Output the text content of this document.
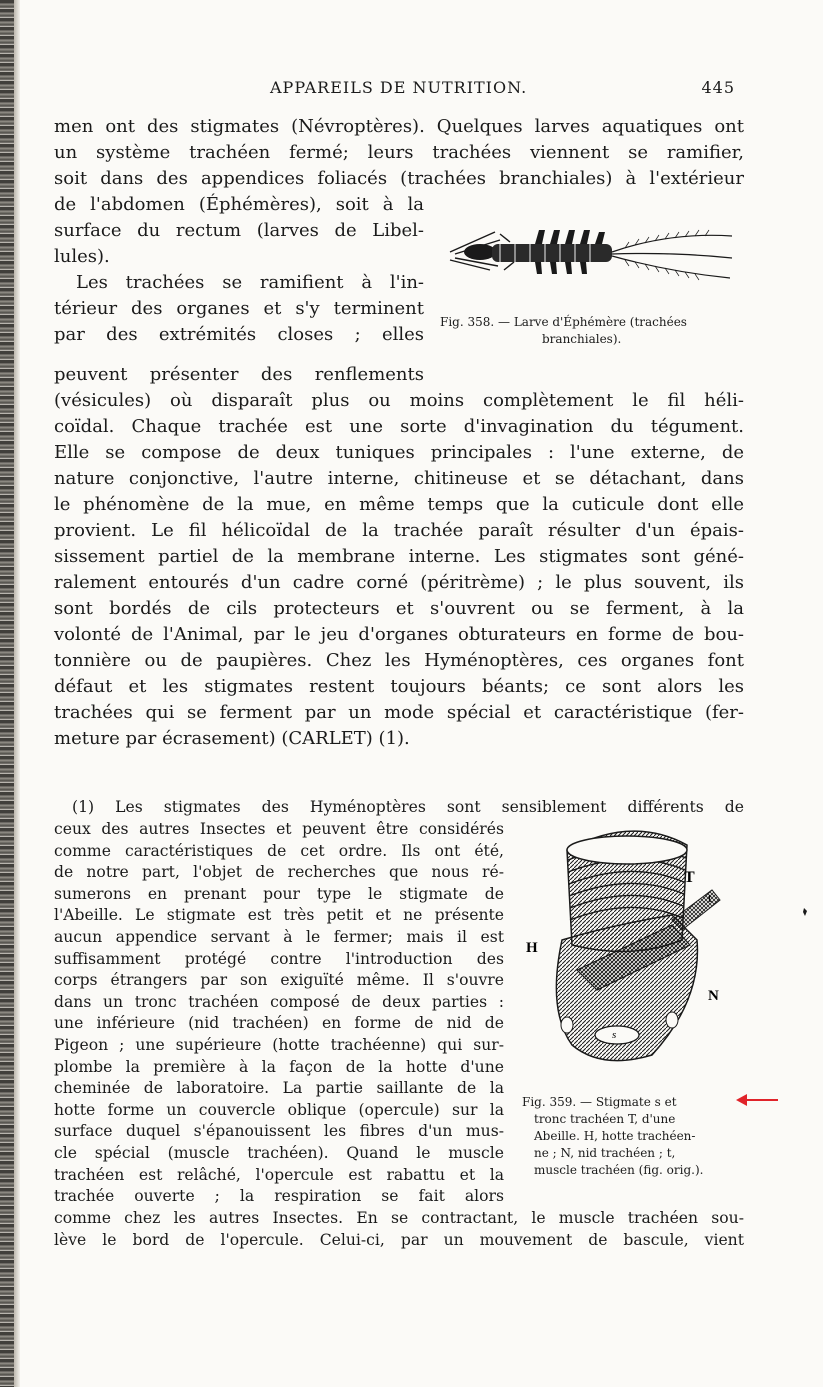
APPAREILS DE NUTRITION.	445
men ont des stigmates (Névroptères). Quelques larves aquatiques ont
un système trachéen fermé; leurs trachées viennent se ramifier,
soit dans des appendices foliacés (trachées branchiales) à l'extérieur
de l'abdomen (Éphémères), soit à la
surface du rectum (larves de Libel-
lules).
Les trachées se ramifient à l'in-
térieur des organes et s'y terminent
par des extrémités closes ; elles
Fig. 358. — Larve d'Éphémère (trachées
branchiales).
peuvent présenter des renflements
(vésicules) où disparaît plus ou moins complètement le fil héli-
coïdal. Chaque trachée est une sorte d'invagination du tégument.
Elle se compose de deux tuniques principales : l'une externe, de
nature conjonctive, l'autre interne, chitineuse et se détachant, dans
le phénomène de la mue, en même temps que la cuticule dont elle
provient. Le fil hélicoïdal de la trachée paraît résulter d'un épais-
sissement partiel de la membrane interne. Les stigmates sont géné-
ralement entourés d'un cadre corné (péritrème) ; le plus souvent, ils
sont bordés de cils protecteurs et s'ouvrent ou se ferment, à la
volonté de l'Animal, par le jeu d'organes obturateurs en forme de bou-
tonnière ou de paupières. Chez les Hyménoptères, ces organes font
défaut et les stigmates restent toujours béants; ce sont alors les
trachées qui se ferment par un mode spécial et caractéristique (fer-
meture par écrasement) (CARLET) (1).
(1) Les stigmates des Hyménoptères sont sensiblement différents de
ceux des autres Insectes et peuvent être considérés
comme caractéristiques de cet ordre. Ils ont été,
de notre part, l'objet de recherches que nous ré-
sumerons en prenant pour type le stigmate de
l'Abeille. Le stigmate est très petit et ne présente
aucun appendice servant à le fermer; mais il est
suffisamment protégé contre l'introduction des
corps étrangers par son exiguïté même. Il s'ouvre
dans un tronc trachéen composé de deux parties :
une inférieure (nid trachéen) en forme de nid de
Pigeon ; une supérieure (hotte trachéenne) qui sur-
plombe la première à la façon de la hotte d'une
cheminée de laboratoire. La partie saillante de la
hotte forme un couvercle oblique (opercule) sur la
surface duquel s'épanouissent les fibres d'un mus-
cle spécial (muscle trachéen). Quand le muscle
trachéen est relâché, l'opercule est rabattu et la
trachée ouverte ; la respiration se fait alors
comme chez les autres Insectes. En se contractant, le muscle trachéen sou-
lève le bord de l'opercule. Celui-ci, par un mouvement de bascule, vient
T
t
H
N
s
Fig. 359. — Stigmate s et
tronc trachéen T, d'une
Abeille. H, hotte trachéen-
ne ; N, nid trachéen ; t,
muscle trachéen (fig. orig.).
